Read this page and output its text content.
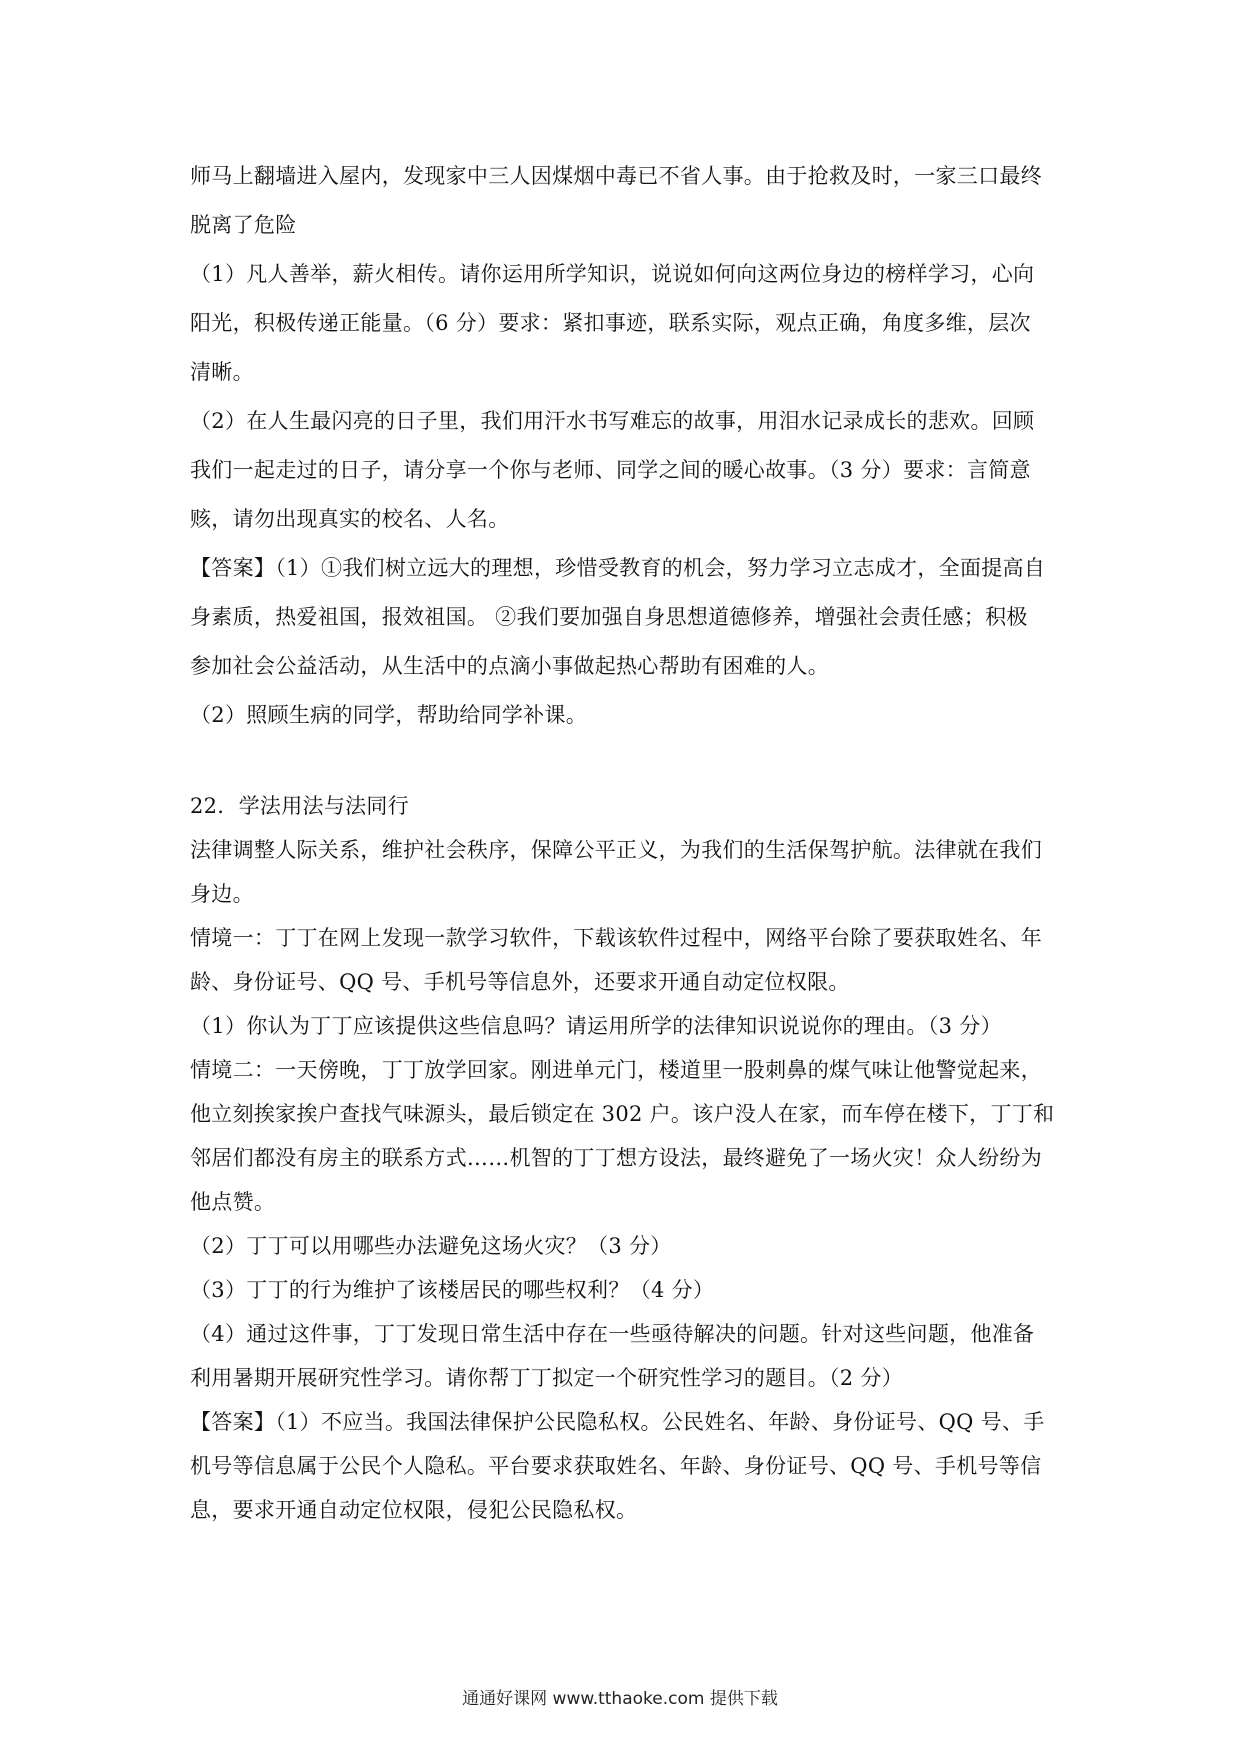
师马上翻墙进入屋内，发现家中三人因煤烟中毒已不省人事。由于抢救及时，一家三口最终
脱离了危险
（1）凡人善举，薪火相传。请你运用所学知识，说说如何向这两位身边的榜样学习，心向
阳光，积极传递正能量。（6 分）要求：紧扣事迹，联系实际，观点正确，角度多维，层次
清晰。
（2）在人生最闪亮的日子里，我们用汗水书写难忘的故事，用泪水记录成长的悲欢。回顾
我们一起走过的日子，请分享一个你与老师、同学之间的暖心故事。（3 分）要求：言简意
赅，请勿出现真实的校名、人名。
【答案】（1）①我们树立远大的理想，珍惜受教育的机会，努力学习立志成才，全面提高自
身素质，热爱祖国，报效祖国。 ②我们要加强自身思想道德修养，增强社会责任感；积极
参加社会公益活动，从生活中的点滴小事做起热心帮助有困难的人。
（2）照顾生病的同学，帮助给同学补课。
22．学法用法与法同行
法律调整人际关系，维护社会秩序，保障公平正义，为我们的生活保驾护航。法律就在我们
身边。
情境一：丁丁在网上发现一款学习软件，下载该软件过程中，网络平台除了要获取姓名、年
龄、身份证号、QQ 号、手机号等信息外，还要求开通自动定位权限。
（1）你认为丁丁应该提供这些信息吗？请运用所学的法律知识说说你的理由。（3 分）
情境二：一天傍晚，丁丁放学回家。刚进单元门，楼道里一股刺鼻的煤气味让他警觉起来，
他立刻挨家挨户查找气味源头，最后锁定在 302 户。该户没人在家，而车停在楼下，丁丁和
邻居们都没有房主的联系方式……机智的丁丁想方设法，最终避免了一场火灾！众人纷纷为
他点赞。
（2）丁丁可以用哪些办法避免这场火灾？（3 分）
（3）丁丁的行为维护了该楼居民的哪些权利？（4 分）
（4）通过这件事，丁丁发现日常生活中存在一些亟待解决的问题。针对这些问题，他准备
利用暑期开展研究性学习。请你帮丁丁拟定一个研究性学习的题目。（2 分）
【答案】（1）不应当。我国法律保护公民隐私权。公民姓名、年龄、身份证号、QQ 号、手
机号等信息属于公民个人隐私。平台要求获取姓名、年龄、身份证号、QQ 号、手机号等信
息，要求开通自动定位权限，侵犯公民隐私权。
通通好课网 www.tthaoke.com 提供下载
